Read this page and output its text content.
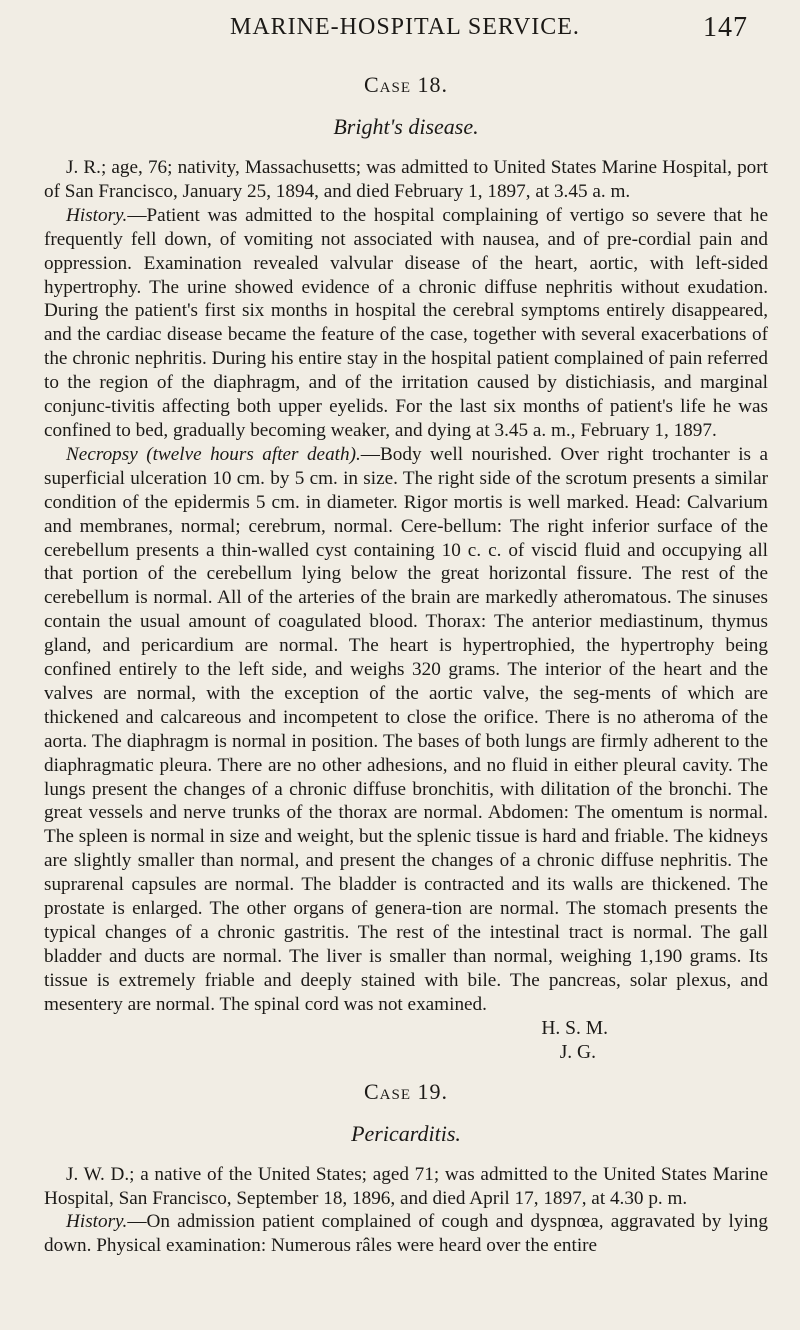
MARINE-HOSPITAL SERVICE.	147
Case 18.
Bright's disease.

J. R.; age, 76; nativity, Massachusetts; was admitted to United States Marine Hospital, port of San Francisco, January 25, 1894, and died February 1, 1897, at 3.45 a. m.

History.—Patient was admitted to the hospital complaining of vertigo so severe that he frequently fell down, of vomiting not associated with nausea, and of pre-cordial pain and oppression. Examination revealed valvular disease of the heart, aortic, with left-sided hypertrophy. The urine showed evidence of a chronic diffuse nephritis without exudation. During the patient's first six months in hospital the cerebral symptoms entirely disappeared, and the cardiac disease became the feature of the case, together with several exacerbations of the chronic nephritis. During his entire stay in the hospital patient complained of pain referred to the region of the diaphragm, and of the irritation caused by distichiasis, and marginal conjunc-tivitis affecting both upper eyelids. For the last six months of patient's life he was confined to bed, gradually becoming weaker, and dying at 3.45 a. m., February 1, 1897.

Necropsy (twelve hours after death).—Body well nourished. Over right trochanter is a superficial ulceration 10 cm. by 5 cm. in size. The right side of the scrotum presents a similar condition of the epidermis 5 cm. in diameter. Rigor mortis is well marked. Head: Calvarium and membranes, normal; cerebrum, normal. Cere-bellum: The right inferior surface of the cerebellum presents a thin-walled cyst containing 10 c. c. of viscid fluid and occupying all that portion of the cerebellum lying below the great horizontal fissure. The rest of the cerebellum is normal. All of the arteries of the brain are markedly atheromatous. The sinuses contain the usual amount of coagulated blood. Thorax: The anterior mediastinum, thymus gland, and pericardium are normal. The heart is hypertrophied, the hypertrophy being confined entirely to the left side, and weighs 320 grams. The interior of the heart and the valves are normal, with the exception of the aortic valve, the seg-ments of which are thickened and calcareous and incompetent to close the orifice. There is no atheroma of the aorta. The diaphragm is normal in position. The bases of both lungs are firmly adherent to the diaphragmatic pleura. There are no other adhesions, and no fluid in either pleural cavity. The lungs present the changes of a chronic diffuse bronchitis, with dilitation of the bronchi. The great vessels and nerve trunks of the thorax are normal. Abdomen: The omentum is normal. The spleen is normal in size and weight, but the splenic tissue is hard and friable. The kidneys are slightly smaller than normal, and present the changes of a chronic diffuse nephritis. The suprarenal capsules are normal. The bladder is contracted and its walls are thickened. The prostate is enlarged. The other organs of genera-tion are normal. The stomach presents the typical changes of a chronic gastritis. The rest of the intestinal tract is normal. The gall bladder and ducts are normal. The liver is smaller than normal, weighing 1,190 grams. Its tissue is extremely friable and deeply stained with bile. The pancreas, solar plexus, and mesentery are normal. The spinal cord was not examined.

H. S. M.
J. G.
Case 19.
Pericarditis.

J. W. D.; a native of the United States; aged 71; was admitted to the United States Marine Hospital, San Francisco, September 18, 1896, and died April 17, 1897, at 4.30 p. m.

History.—On admission patient complained of cough and dyspnœa, aggravated by lying down. Physical examination: Numerous râles were heard over the entire
